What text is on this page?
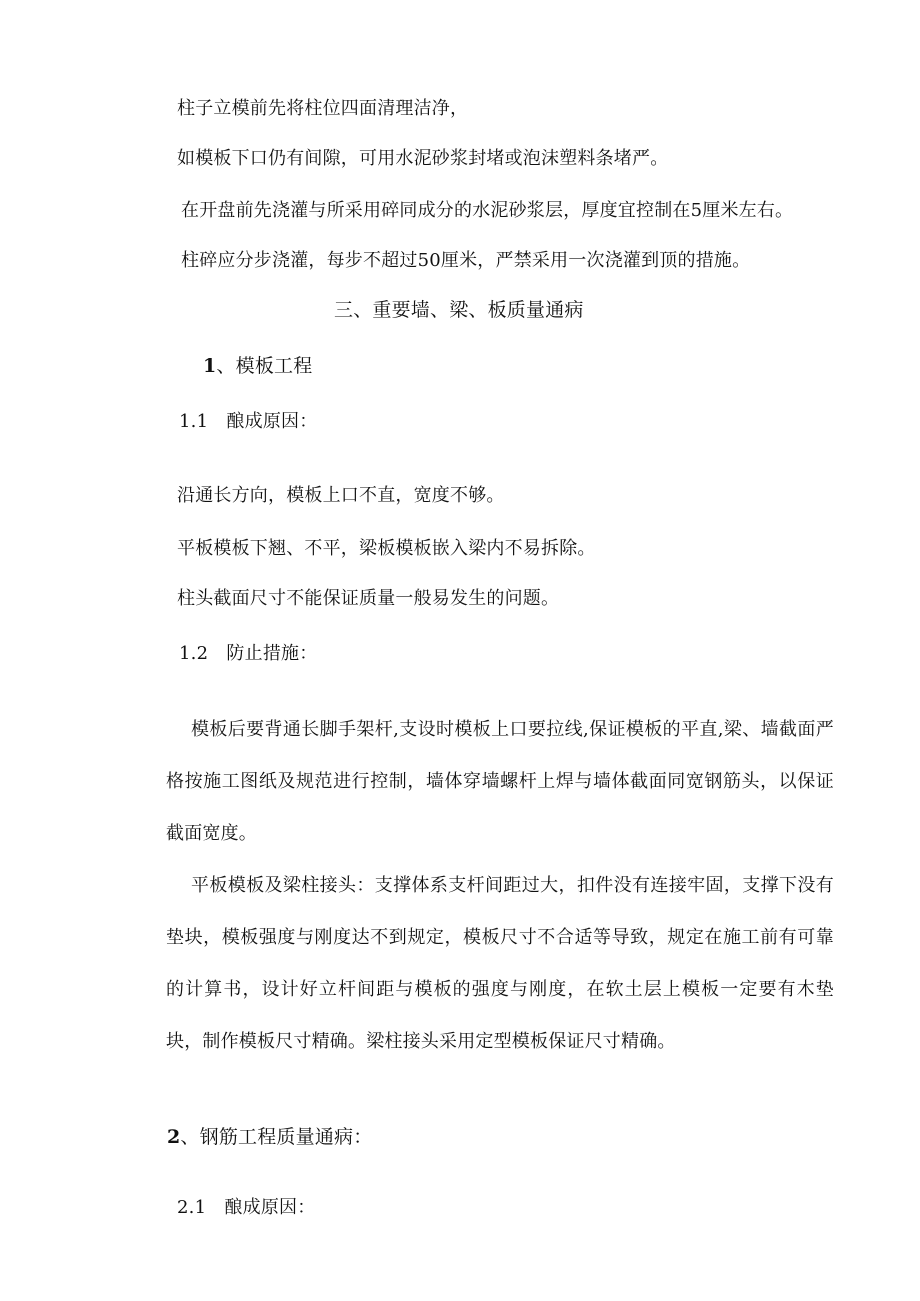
柱子立模前先将柱位四面清理洁净，
如模板下口仍有间隙，可用水泥砂浆封堵或泡沫塑料条堵严。
在开盘前先浇灌与所采用碎同成分的水泥砂浆层，厚度宜控制在5厘米左右。
柱碎应分步浇灌，每步不超过50厘米，严禁采用一次浇灌到顶的措施。
三、重要墙、梁、板质量通病
1、模板工程
1.1　酿成原因：
沿通长方向，模板上口不直，宽度不够。
平板模板下翘、不平，梁板模板嵌入梁内不易拆除。
柱头截面尺寸不能保证质量一般易发生的问题。
1.2　防止措施：
模板后要背通长脚手架杆,支设时模板上口要拉线,保证模板的平直,梁、墙截面严格按施工图纸及规范进行控制，墙体穿墙螺杆上焊与墙体截面同宽钢筋头，以保证截面宽度。
平板模板及梁柱接头：支撑体系支杆间距过大，扣件没有连接牢固，支撑下没有垫块，模板强度与刚度达不到规定，模板尺寸不合适等导致，规定在施工前有可靠的计算书，设计好立杆间距与模板的强度与刚度，在软土层上模板一定要有木垫块，制作模板尺寸精确。梁柱接头采用定型模板保证尺寸精确。
2、钢筋工程质量通病：
2.1　酿成原因：
